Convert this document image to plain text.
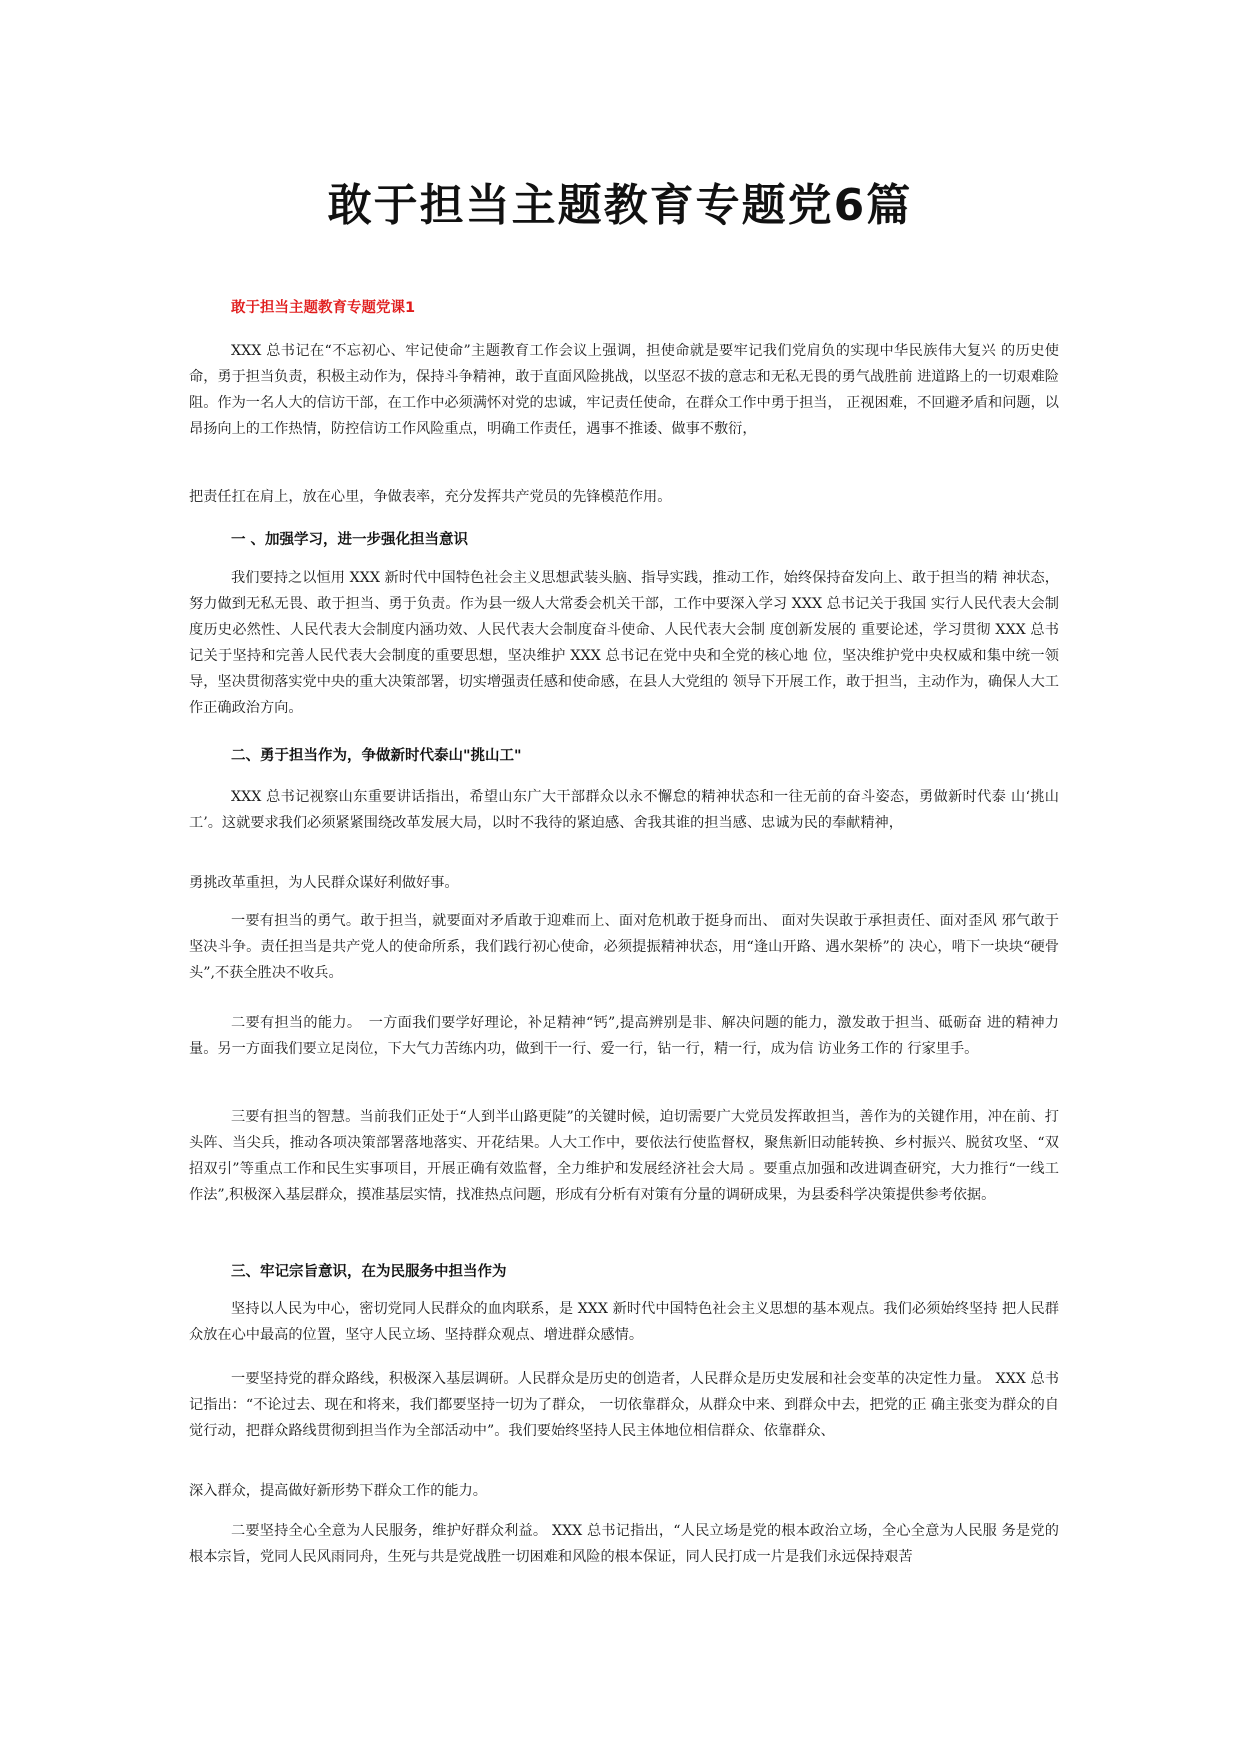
敢于担当主题教育专题党6篇
敢于担当主题教育专题党课1
XXX 总书记在“不忘初心、牢记使命”主题教育工作会议上强调，担使命就是要牢记我们党肩负的实现中华民族伟大复兴 的历史使命，勇于担当负责，积极主动作为，保持斗争精神，敢于直面风险挑战，以坚忍不拔的意志和无私无畏的勇气战胜前 进道路上的一切艰难险阻。作为一名人大的信访干部，在工作中必须满怀对党的忠诚，牢记责任使命，在群众工作中勇于担当， 正视困难，不回避矛盾和问题，以昂扬向上的工作热情，防控信访工作风险重点，明确工作责任，遇事不推诿、做事不敷衍，
把责任扛在肩上，放在心里，争做表率，充分发挥共产党员的先锋模范作用。
一 、加强学习，进一步强化担当意识
我们要持之以恒用 XXX 新时代中国特色社会主义思想武装头脑、指导实践，推动工作，始终保持奋发向上、敢于担当的精 神状态，努力做到无私无畏、敢于担当、勇于负责。作为县一级人大常委会机关干部，工作中要深入学习 XXX 总书记关于我国 实行人民代表大会制度历史必然性、人民代表大会制度内涵功效、人民代表大会制度奋斗使命、人民代表大会制 度创新发展的 重要论述，学习贯彻 XXX 总书记关于坚持和完善人民代表大会制度的重要思想，坚决维护 XXX 总书记在党中央和全党的核心地 位，坚决维护党中央权威和集中统一领导，坚决贯彻落实党中央的重大决策部署，切实增强责任感和使命感，在县人大党组的 领导下开展工作，敢于担当，主动作为，确保人大工作正确政治方向。
二、勇于担当作为，争做新时代泰山"挑山工"
XXX 总书记视察山东重要讲话指出，希望山东广大干部群众以永不懈怠的精神状态和一往无前的奋斗姿态，勇做新时代泰 山‘挑山工’。这就要求我们必须紧紧围绕改革发展大局，以时不我待的紧迫感、舍我其谁的担当感、忠诚为民的奉献精神，
勇挑改革重担，为人民群众谋好利做好事。
一要有担当的勇气。敢于担当，就要面对矛盾敢于迎难而上、面对危机敢于挺身而出、 面对失误敢于承担责任、面对歪风 邪气敢于坚决斗争。责任担当是共产党人的使命所系，我们践行初心使命，必须提振精神状态，用“逢山开路、遇水架桥”的 决心，啃下一块块“硬骨头”,不获全胜决不收兵。
二要有担当的能力。　一方面我们要学好理论，补足精神“钙”,提高辨别是非、解决问题的能力，激发敢于担当、砥砺奋 进的精神力量。另一方面我们要立足岗位，下大气力苦练内功，做到干一行、爱一行，钻一行，精一行，成为信 访业务工作的 行家里手。
三要有担当的智慧。当前我们正处于“人到半山路更陡”的关键时候，迫切需要广大党员发挥敢担当，善作为的关键作用，冲在前、打头阵、当尖兵，推动各项决策部署落地落实、开花结果。人大工作中，要依法行使监督权，聚焦新旧动能转换、乡村振兴、脱贫攻坚、“双招双引”等重点工作和民生实事项目，开展正确有效监督，全力维护和发展经济社会大局 。要重点加强和改进调查研究，大力推行“一线工作法”,积极深入基层群众，摸准基层实情，找准热点问题，形成有分析有对策有分量的调研成果，为县委科学决策提供参考依据。
三、牢记宗旨意识，在为民服务中担当作为
坚持以人民为中心，密切党同人民群众的血肉联系，是 XXX 新时代中国特色社会主义思想的基本观点。我们必须始终坚持 把人民群众放在心中最高的位置，坚守人民立场、坚持群众观点、增进群众感情。
一要坚持党的群众路线，积极深入基层调研。人民群众是历史的创造者，人民群众是历史发展和社会变革的决定性力量。 XXX 总书记指出：“不论过去、现在和将来，我们都要坚持一切为了群众， 一切依靠群众，从群众中来、到群众中去，把党的正 确主张变为群众的自觉行动，把群众路线贯彻到担当作为全部活动中”。我们要始终坚持人民主体地位相信群众、依靠群众、
深入群众，提高做好新形势下群众工作的能力。
二要坚持全心全意为人民服务，维护好群众利益。 XXX 总书记指出，“人民立场是党的根本政治立场，全心全意为人民服 务是党的根本宗旨，党同人民风雨同舟，生死与共是党战胜一切困难和风险的根本保证，同人民打成一片是我们永远保持艰苦
